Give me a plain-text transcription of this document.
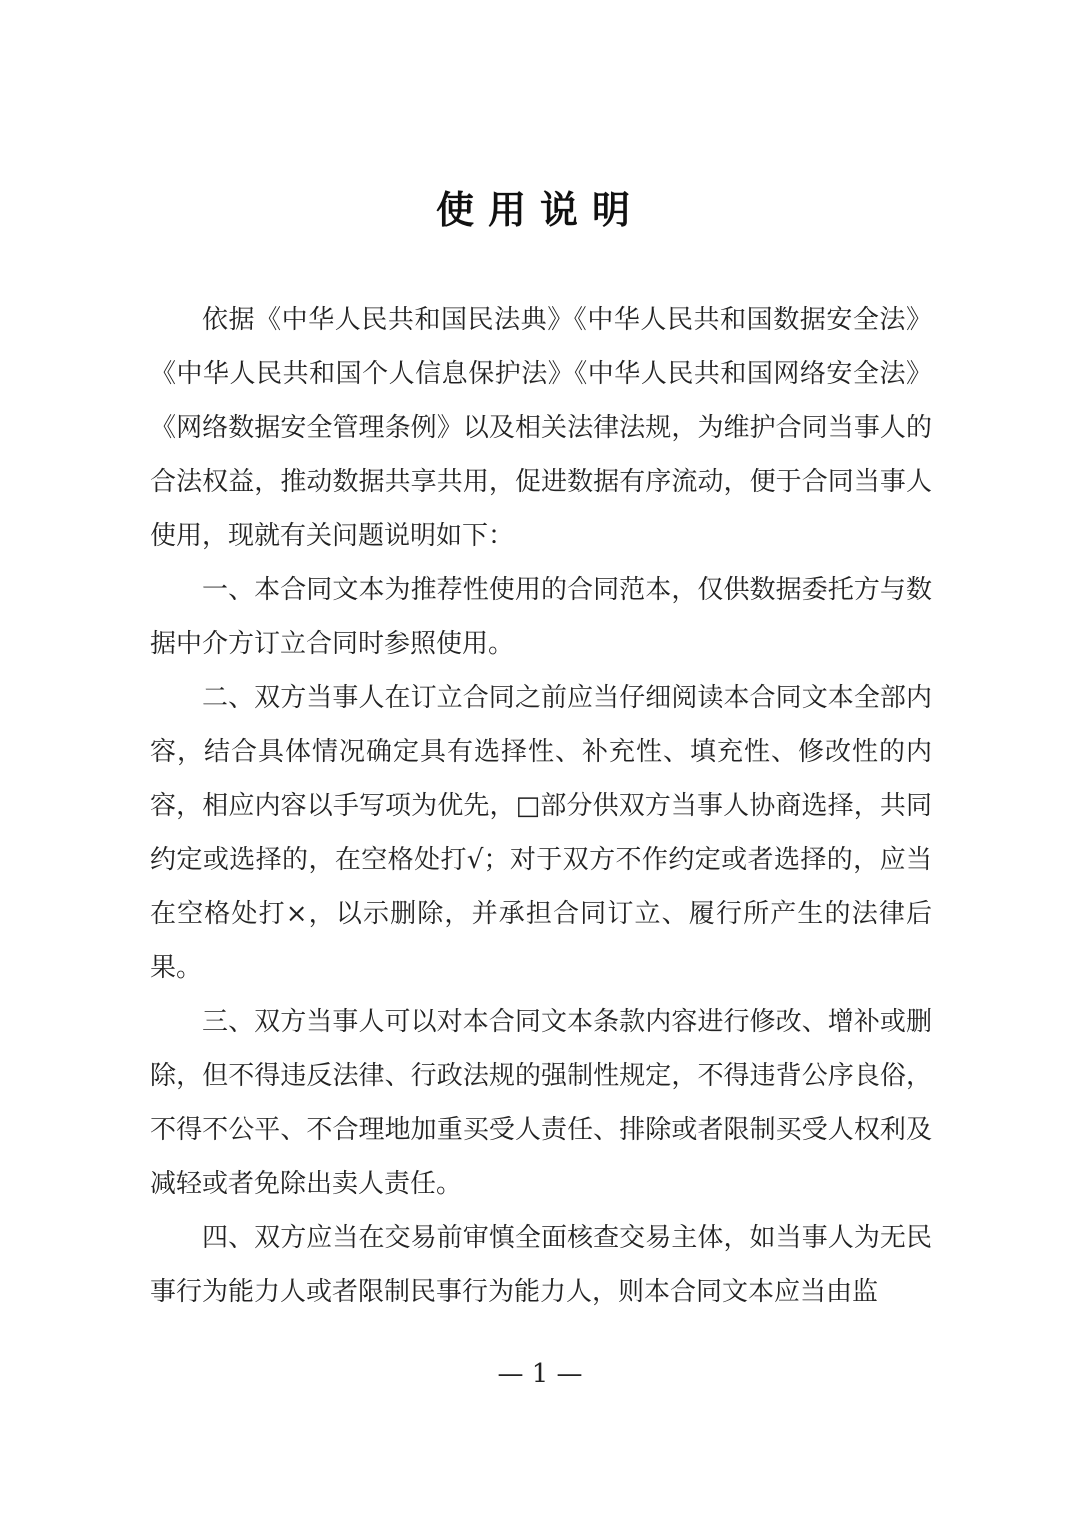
使用说明

依据《中华人民共和国民法典》《中华人民共和国数据安全法》《中华人民共和国个人信息保护法》《中华人民共和国网络安全法》《网络数据安全管理条例》以及相关法律法规，为维护合同当事人的合法权益，推动数据共享共用，促进数据有序流动，便于合同当事人使用，现就有关问题说明如下：

一、本合同文本为推荐性使用的合同范本，仅供数据委托方与数据中介方订立合同时参照使用。

二、双方当事人在订立合同之前应当仔细阅读本合同文本全部内容，结合具体情况确定具有选择性、补充性、填充性、修改性的内容，相应内容以手写项为优先，□部分供双方当事人协商选择，共同约定或选择的，在空格处打√；对于双方不作约定或者选择的，应当在空格处打×，以示删除，并承担合同订立、履行所产生的法律后果。

三、双方当事人可以对本合同文本条款内容进行修改、增补或删除，但不得违反法律、行政法规的强制性规定，不得违背公序良俗，不得不公平、不合理地加重买受人责任、排除或者限制买受人权利及减轻或者免除出卖人责任。

四、双方应当在交易前审慎全面核查交易主体，如当事人为无民事行为能力人或者限制民事行为能力人，则本合同文本应当由监

— 1 —
